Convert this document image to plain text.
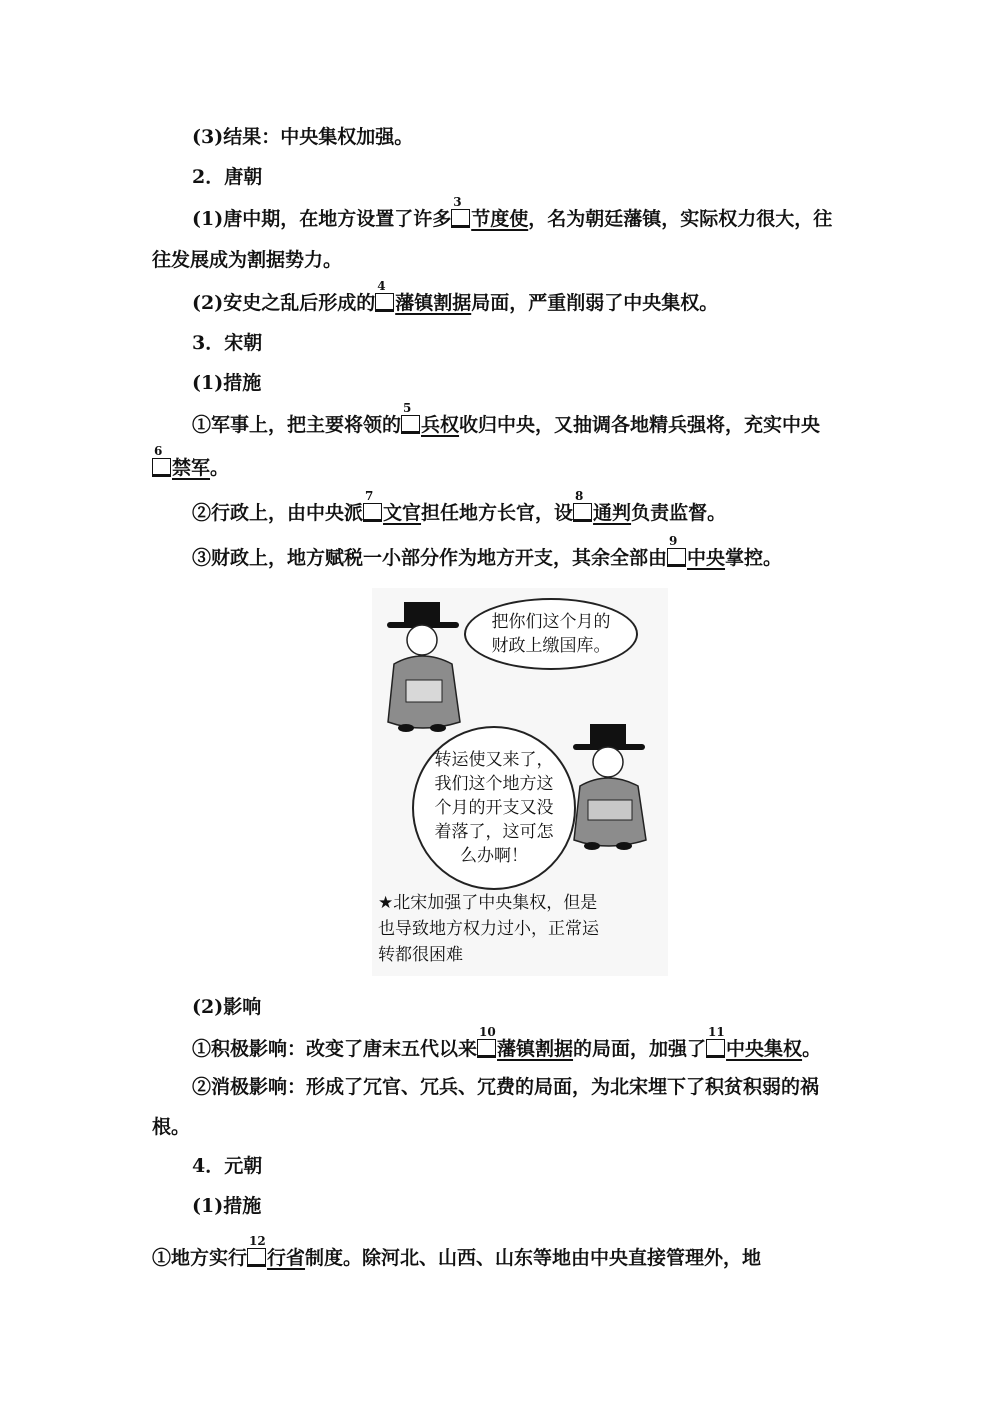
(3)结果：中央集权加强。
2．唐朝
(1)唐中期，在地方设置了许多
3
节度使，名为朝廷藩镇，实际权力很大，往
往发展成为割据势力。
(2)安史之乱后形成的
4
藩镇割据局面，严重削弱了中央集权。
3．宋朝
(1)措施
①军事上，把主要将领的
5
兵权收归中央，又抽调各地精兵强将，充实中央
6
禁军。
②行政上，由中央派
7
文官担任地方长官，设
8
通判负责监督。
③财政上，地方赋税一小部分作为地方开支，其余全部由
9
中央掌控。
把你们这个月的
财政上缴国库。
转运使又来了，
我们这个地方这
个月的开支又没
着落了，这可怎
么办啊！
★北宋加强了中央集权，但是
也导致地方权力过小，正常运
转都很困难
(2)影响
①积极影响：改变了唐末五代以来
10
藩镇割据的局面，加强了
11
中央集权。
②消极影响：形成了冗官、冗兵、冗费的局面，为北宋埋下了积贫积弱的祸
根。
4．元朝
(1)措施
①地方实行
12
行省制度。除河北、山西、山东等地由中央直接管理外，地
